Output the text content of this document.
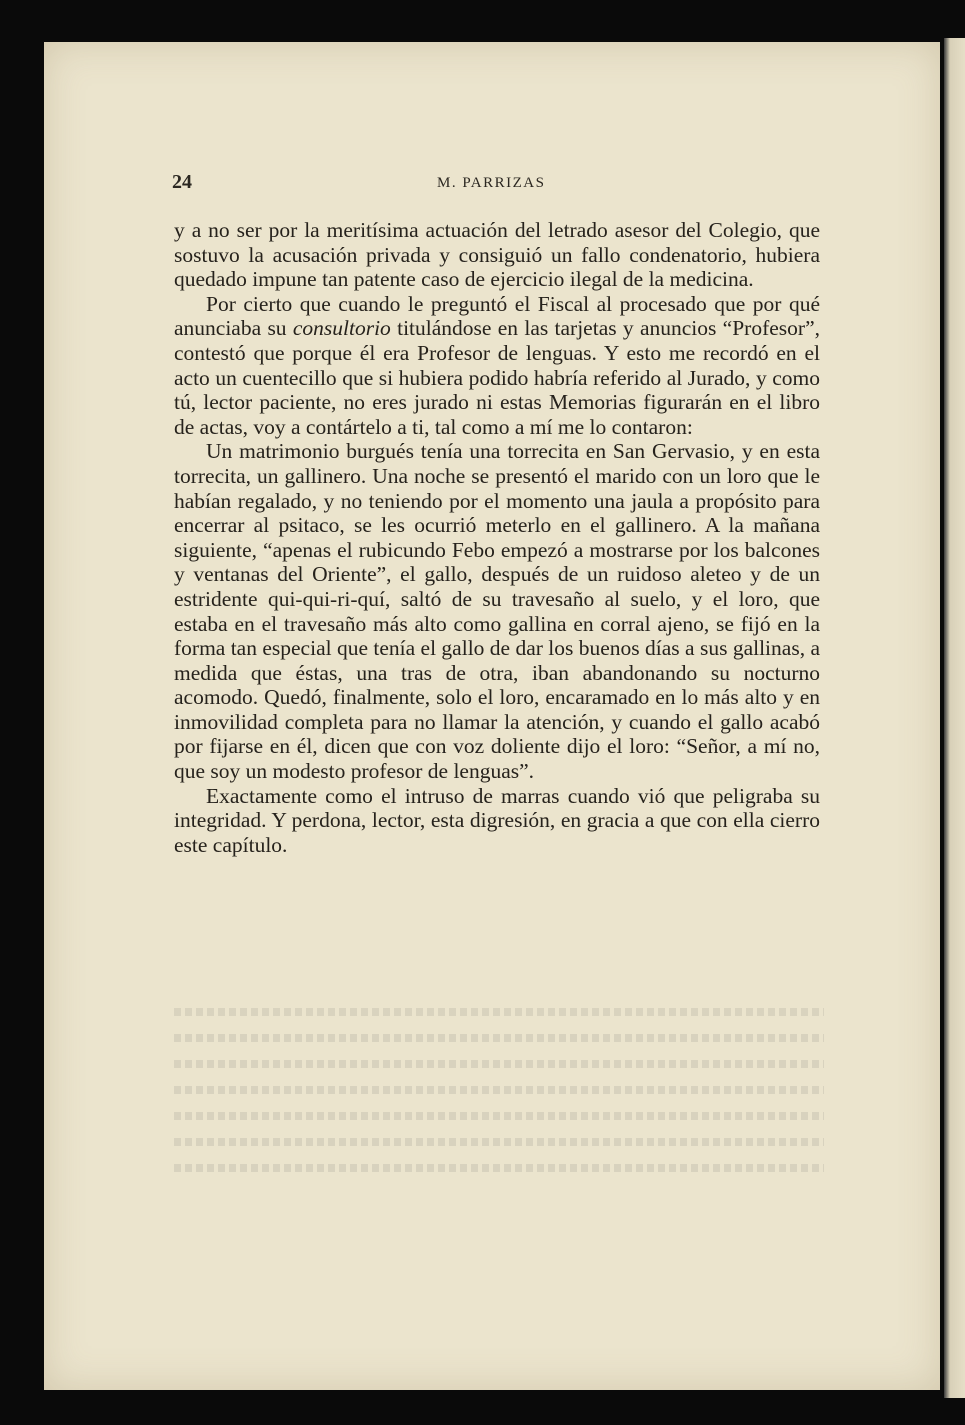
24	M. PARRIZAS

y a no ser por la meritísima actuación del letrado asesor del Colegio, que sostuvo la acusación privada y consiguió un fallo condenatorio, hubiera quedado impune tan patente caso de ejercicio ilegal de la medicina.

Por cierto que cuando le preguntó el Fiscal al procesado que por qué anunciaba su consultorio titulándose en las tarjetas y anuncios “Profesor”, contestó que porque él era Profesor de lenguas. Y esto me recordó en el acto un cuentecillo que si hubiera podido habría referido al Jurado, y como tú, lector paciente, no eres jurado ni estas Memorias figurarán en el libro de actas, voy a contártelo a ti, tal como a mí me lo contaron:

Un matrimonio burgués tenía una torrecita en San Gervasio, y en esta torrecita, un gallinero. Una noche se presentó el marido con un loro que le habían regalado, y no teniendo por el momento una jaula a propósito para encerrar al psitaco, se les ocurrió meterlo en el gallinero. A la mañana siguiente, “apenas el rubicundo Febo empezó a mostrarse por los balcones y ventanas del Oriente”, el gallo, después de un ruidoso aleteo y de un estridente qui-qui-ri-quí, saltó de su travesaño al suelo, y el loro, que estaba en el travesaño más alto como gallina en corral ajeno, se fijó en la forma tan especial que tenía el gallo de dar los buenos días a sus gallinas, a medida que éstas, una tras de otra, iban abandonando su nocturno acomodo. Quedó, finalmente, solo el loro, encaramado en lo más alto y en inmovilidad completa para no llamar la atención, y cuando el gallo acabó por fijarse en él, dicen que con voz doliente dijo el loro: “Señor, a mí no, que soy un modesto profesor de lenguas”.

Exactamente como el intruso de marras cuando vió que peligraba su integridad. Y perdona, lector, esta digresión, en gracia a que con ella cierro este capítulo.
